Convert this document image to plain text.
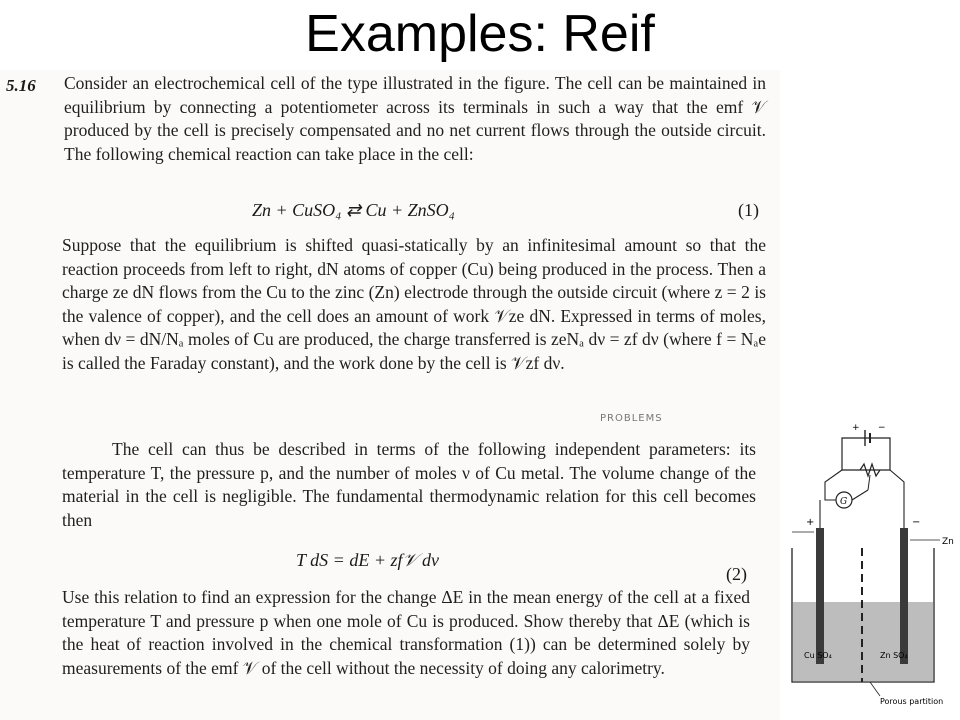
Examples: Reif
5.16 Consider an electrochemical cell of the type illustrated in the figure. The cell can be maintained in equilibrium by connecting a potentiometer across its terminals in such a way that the emf 𝒱 produced by the cell is precisely compensated and no net current flows through the outside circuit. The following chemical reaction can take place in the cell:

Zn + CuSO₄ ⇄ Cu + ZnSO₄	(1)

Suppose that the equilibrium is shifted quasi-statically by an infinitesimal amount so that the reaction proceeds from left to right, dN atoms of copper (Cu) being produced in the process. Then a charge ze dN flows from the Cu to the zinc (Zn) electrode through the outside circuit (where z = 2 is the valence of copper), and the cell does an amount of work 𝒱ze dN. Expressed in terms of moles, when dν = dN/Nₐ moles of Cu are produced, the charge transferred is zeNₐ dν = zf dν (where f = Nₐe is called the Faraday constant), and the work done by the cell is 𝒱zf dν.

PROBLEMS

The cell can thus be described in terms of the following independent parameters: its temperature T, the pressure p, and the number of moles ν of Cu metal. The volume change of the material in the cell is negligible. The fundamental thermodynamic relation for this cell becomes then

T dS = dE + zf𝒱 dν
(2)

Use this relation to find an expression for the change ΔE in the mean energy of the cell at a fixed temperature T and pressure p when one mole of Cu is produced. Show thereby that ΔE (which is the heat of reaction involved in the chemical transformation (1)) can be determined solely by measurements of the emf 𝒱 of the cell without the necessity of doing any calorimetry.

+ −
G
+	−
Zn
Cu SO₄	Zn SO₄
Porous partition
